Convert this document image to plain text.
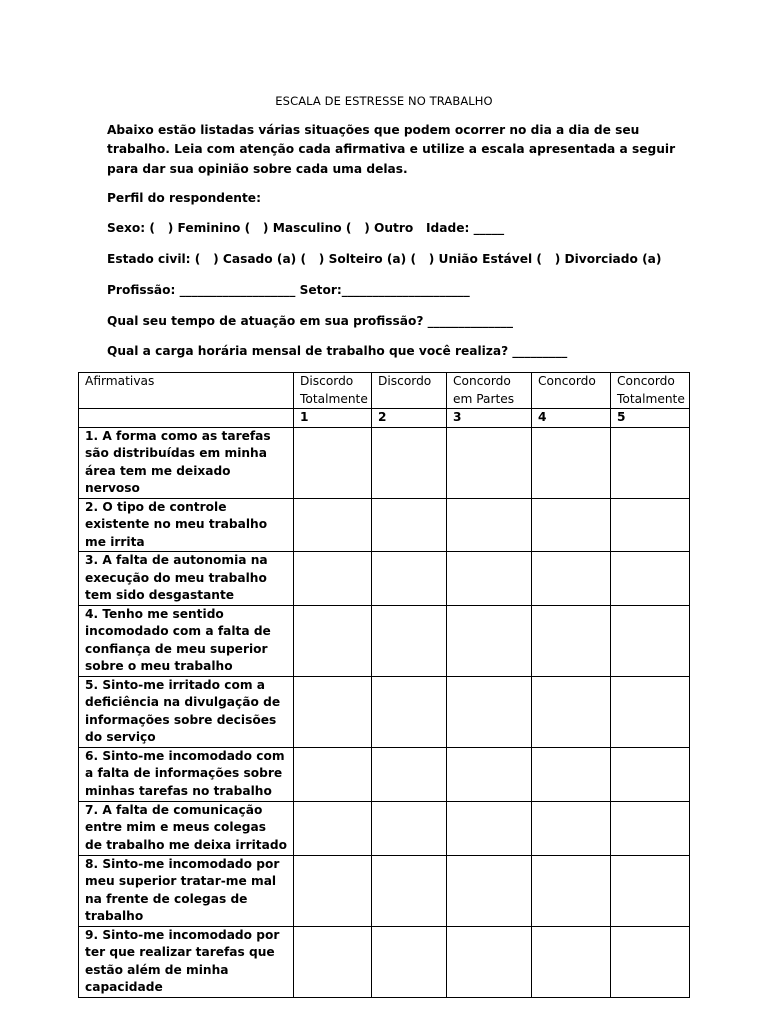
ESCALA DE ESTRESSE NO TRABALHO
Abaixo estão listadas várias situações que podem ocorrer no dia a dia de seu trabalho. Leia com atenção cada afirmativa e utilize a escala apresentada a seguir para dar sua opinião sobre cada uma delas.
Perfil do respondente:
Sexo: (   ) Feminino (   ) Masculino (   ) Outro   Idade: _____
Estado civil: (   ) Casado (a) (   ) Solteiro (a) (   ) União Estável (   ) Divorciado (a)
Profissão: ___________________ Setor:_____________________
Qual seu tempo de atuação em sua profissão? ______________
Qual a carga horária mensal de trabalho que você realiza? _________
Afirmativas	Discordo Totalmente	Discordo	Concordo em Partes	Concordo	Concordo Totalmente
	1	2	3	4	5
1. A forma como as tarefas são distribuídas em minha área tem me deixado nervoso					
2. O tipo de controle existente no meu trabalho me irrita					
3. A falta de autonomia na execução do meu trabalho tem sido desgastante					
4. Tenho me sentido incomodado com a falta de confiança de meu superior sobre o meu trabalho					
5. Sinto-me irritado com a deficiência na divulgação de informações sobre decisões do serviço					
6. Sinto-me incomodado com a falta de informações sobre minhas tarefas no trabalho					
7. A falta de comunicação entre mim e meus colegas de trabalho me deixa irritado					
8. Sinto-me incomodado por meu superior tratar-me mal na frente de colegas de trabalho					
9. Sinto-me incomodado por ter que realizar tarefas que estão além de minha capacidade					
